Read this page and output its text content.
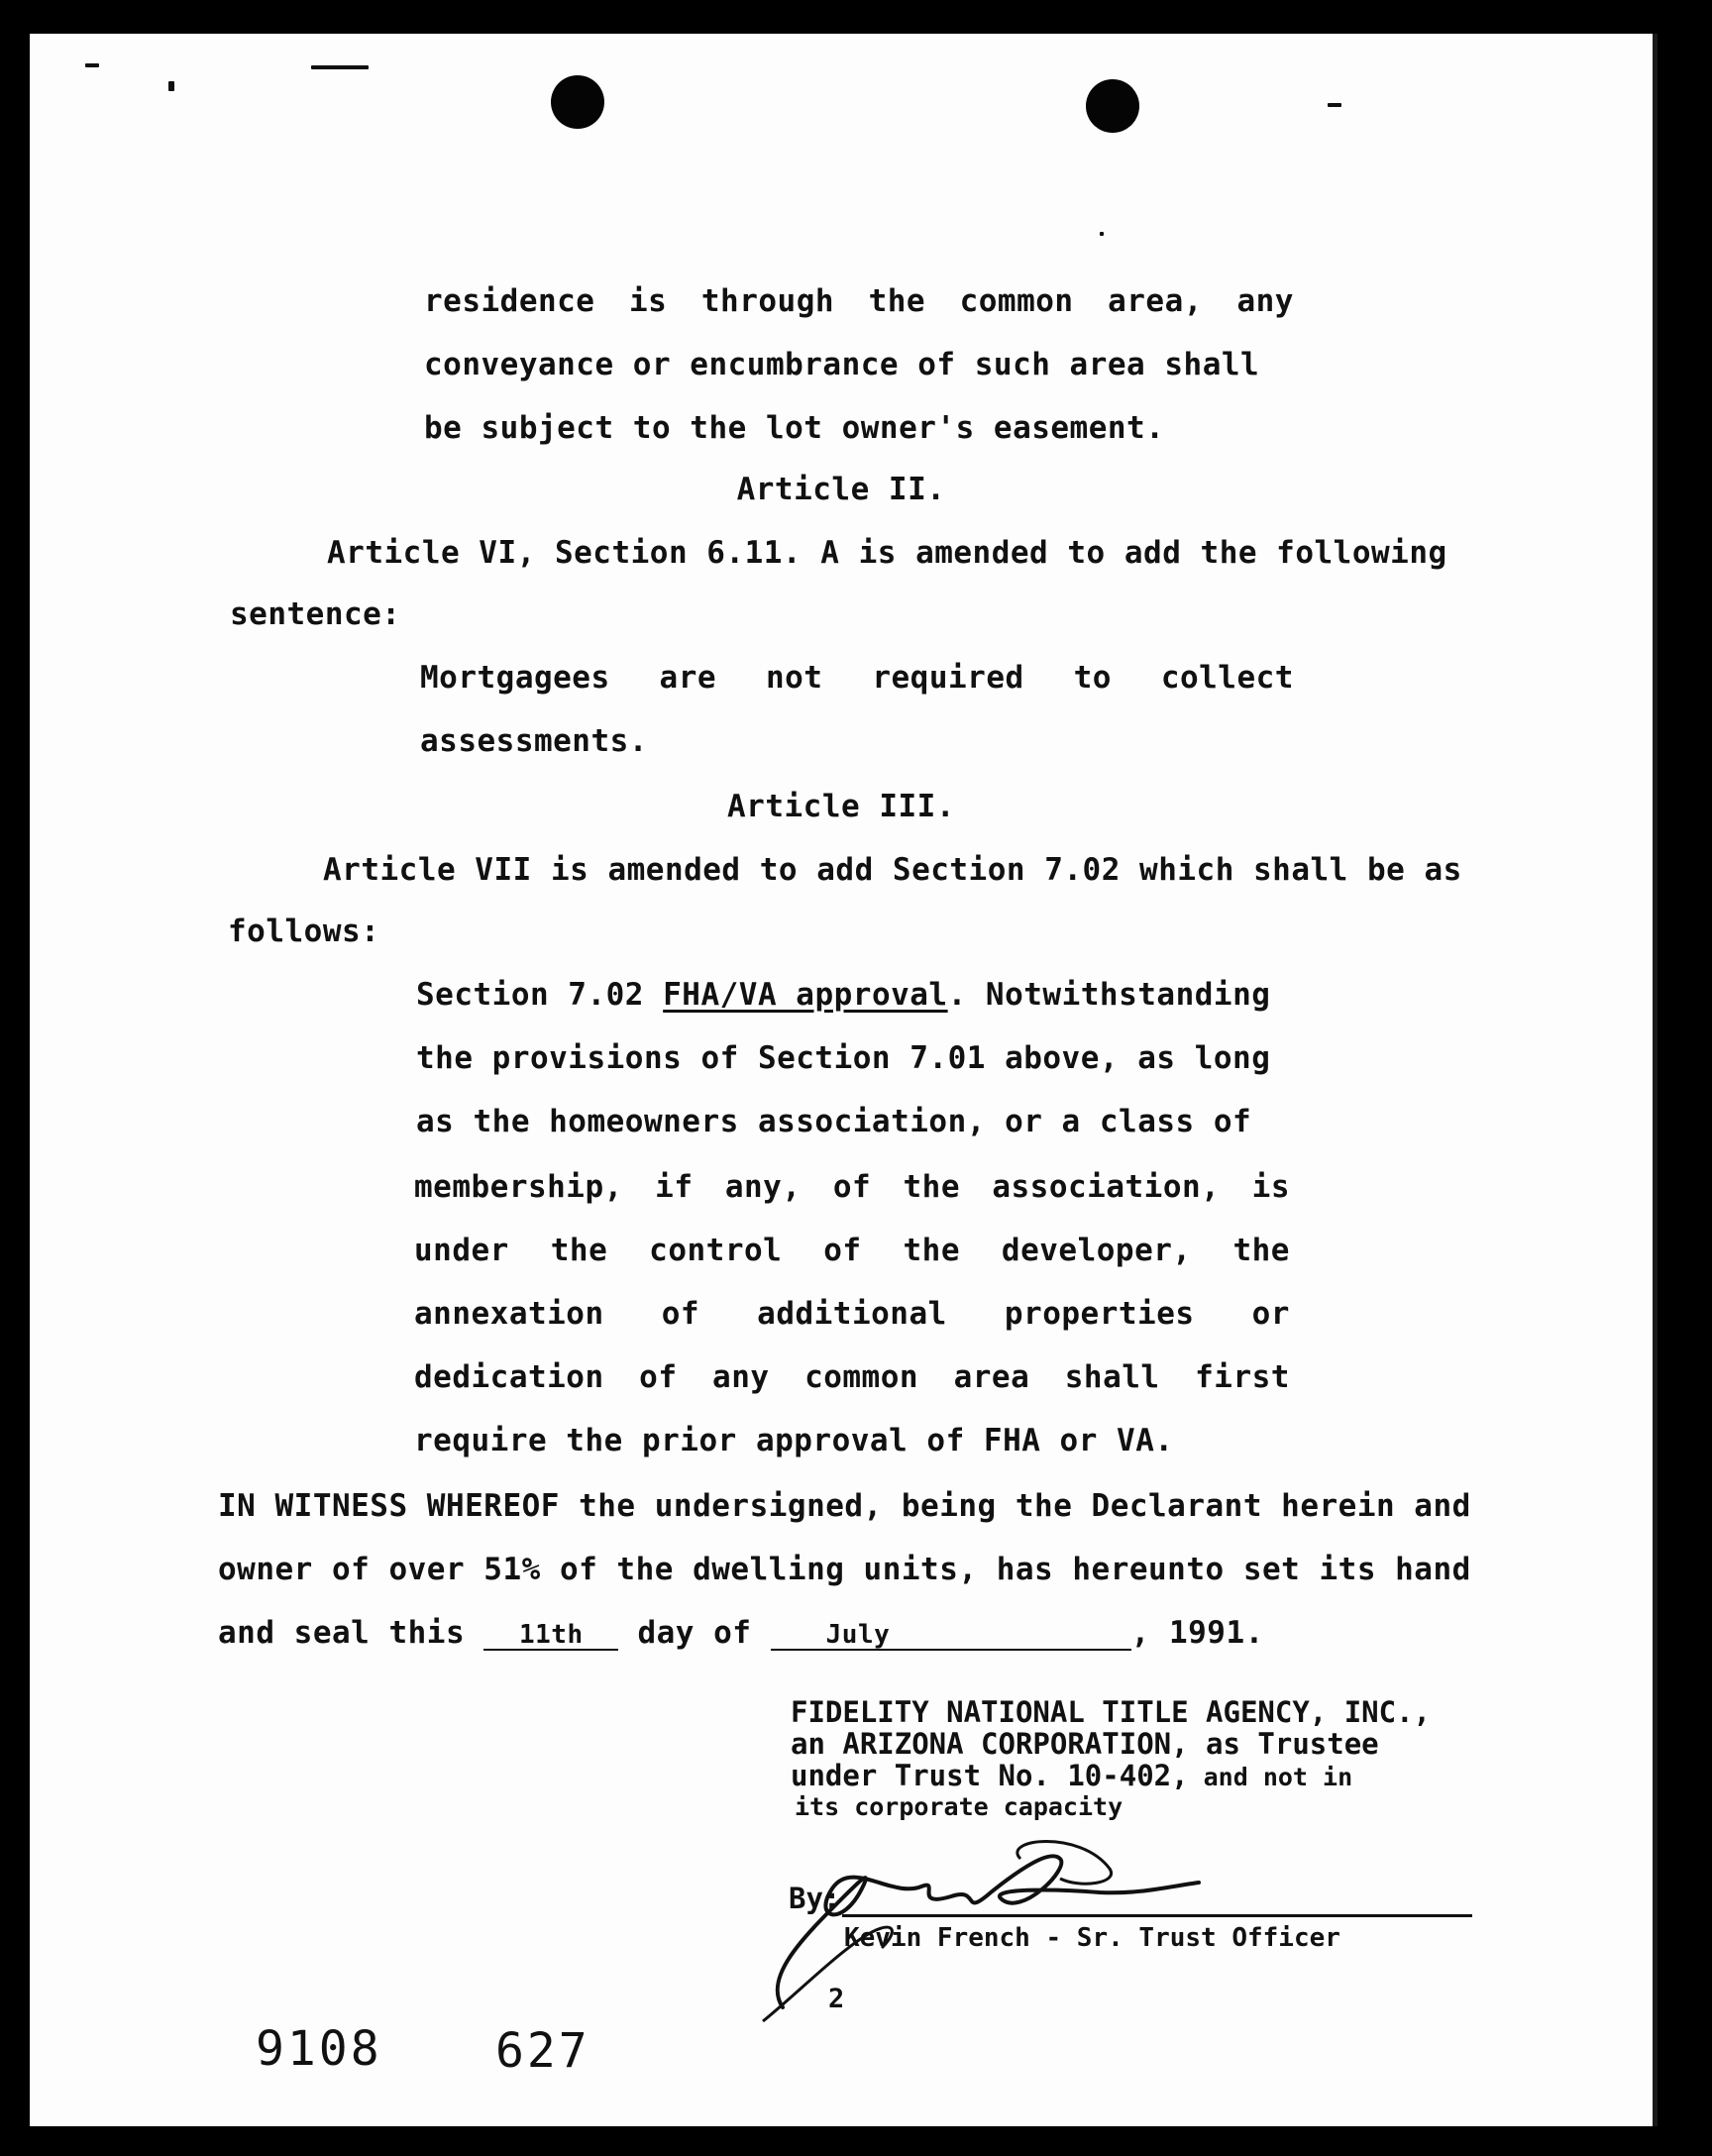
residence is through the common area, any
conveyance or encumbrance of such area shall
be subject to the lot owner's easement.
Article II.
Article VI, Section 6.11. A is amended to add the following
sentence:
Mortgagees are not required to collect
assessments.
Article III.
Article VII is amended to add Section 7.02 which shall be as
follows:
Section 7.02 FHA/VA approval. Notwithstanding
the provisions of Section 7.01 above, as long
as the homeowners association, or a class of
membership, if any, of the association, is
under the control of the developer, the
annexation of additional properties or
dedication of any common area shall first
require the prior approval of FHA or VA.
IN WITNESS WHEREOF the undersigned, being the Declarant herein and
owner of over 51% of the dwelling units, has hereunto set its hand
and seal this 11th day of	July	, 1991.
FIDELITY NATIONAL TITLE AGENCY, INC.,
an ARIZONA CORPORATION, as Trustee
under Trust No. 10-402, and not in
its corporate capacity
By:
Kevin French - Sr. Trust Officer
2
9108 627
